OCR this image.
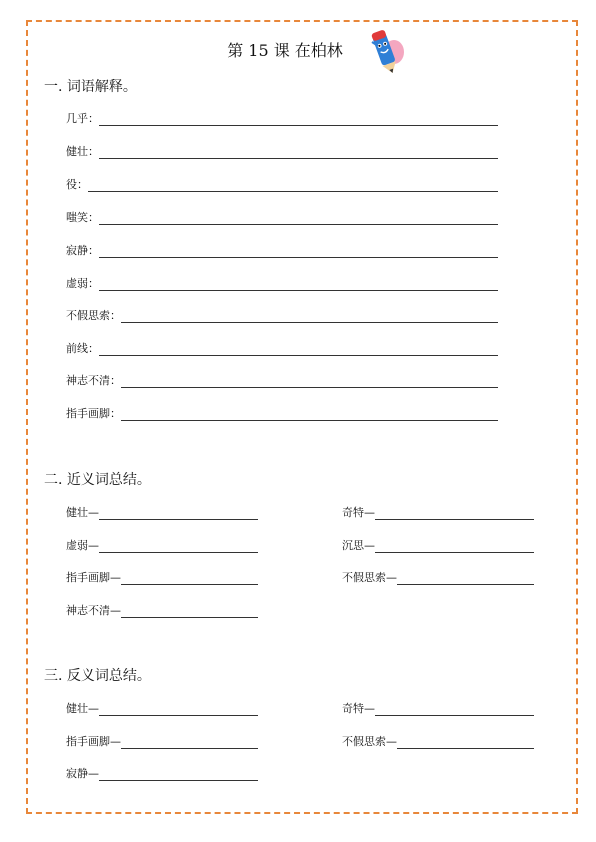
第 15 课 在柏林
一. 词语解释。
几乎：
健壮：
役：
嗤笑：
寂静：
虚弱：
不假思索：
前线：
神志不清：
指手画脚：
二. 近义词总结。
健壮 —	奇特 —
虚弱 —	沉思 —
指手画脚 —	不假思索 —
神志不清 —
三. 反义词总结。
健壮 —	奇特 —
指手画脚 —	不假思索 —
寂静 —
